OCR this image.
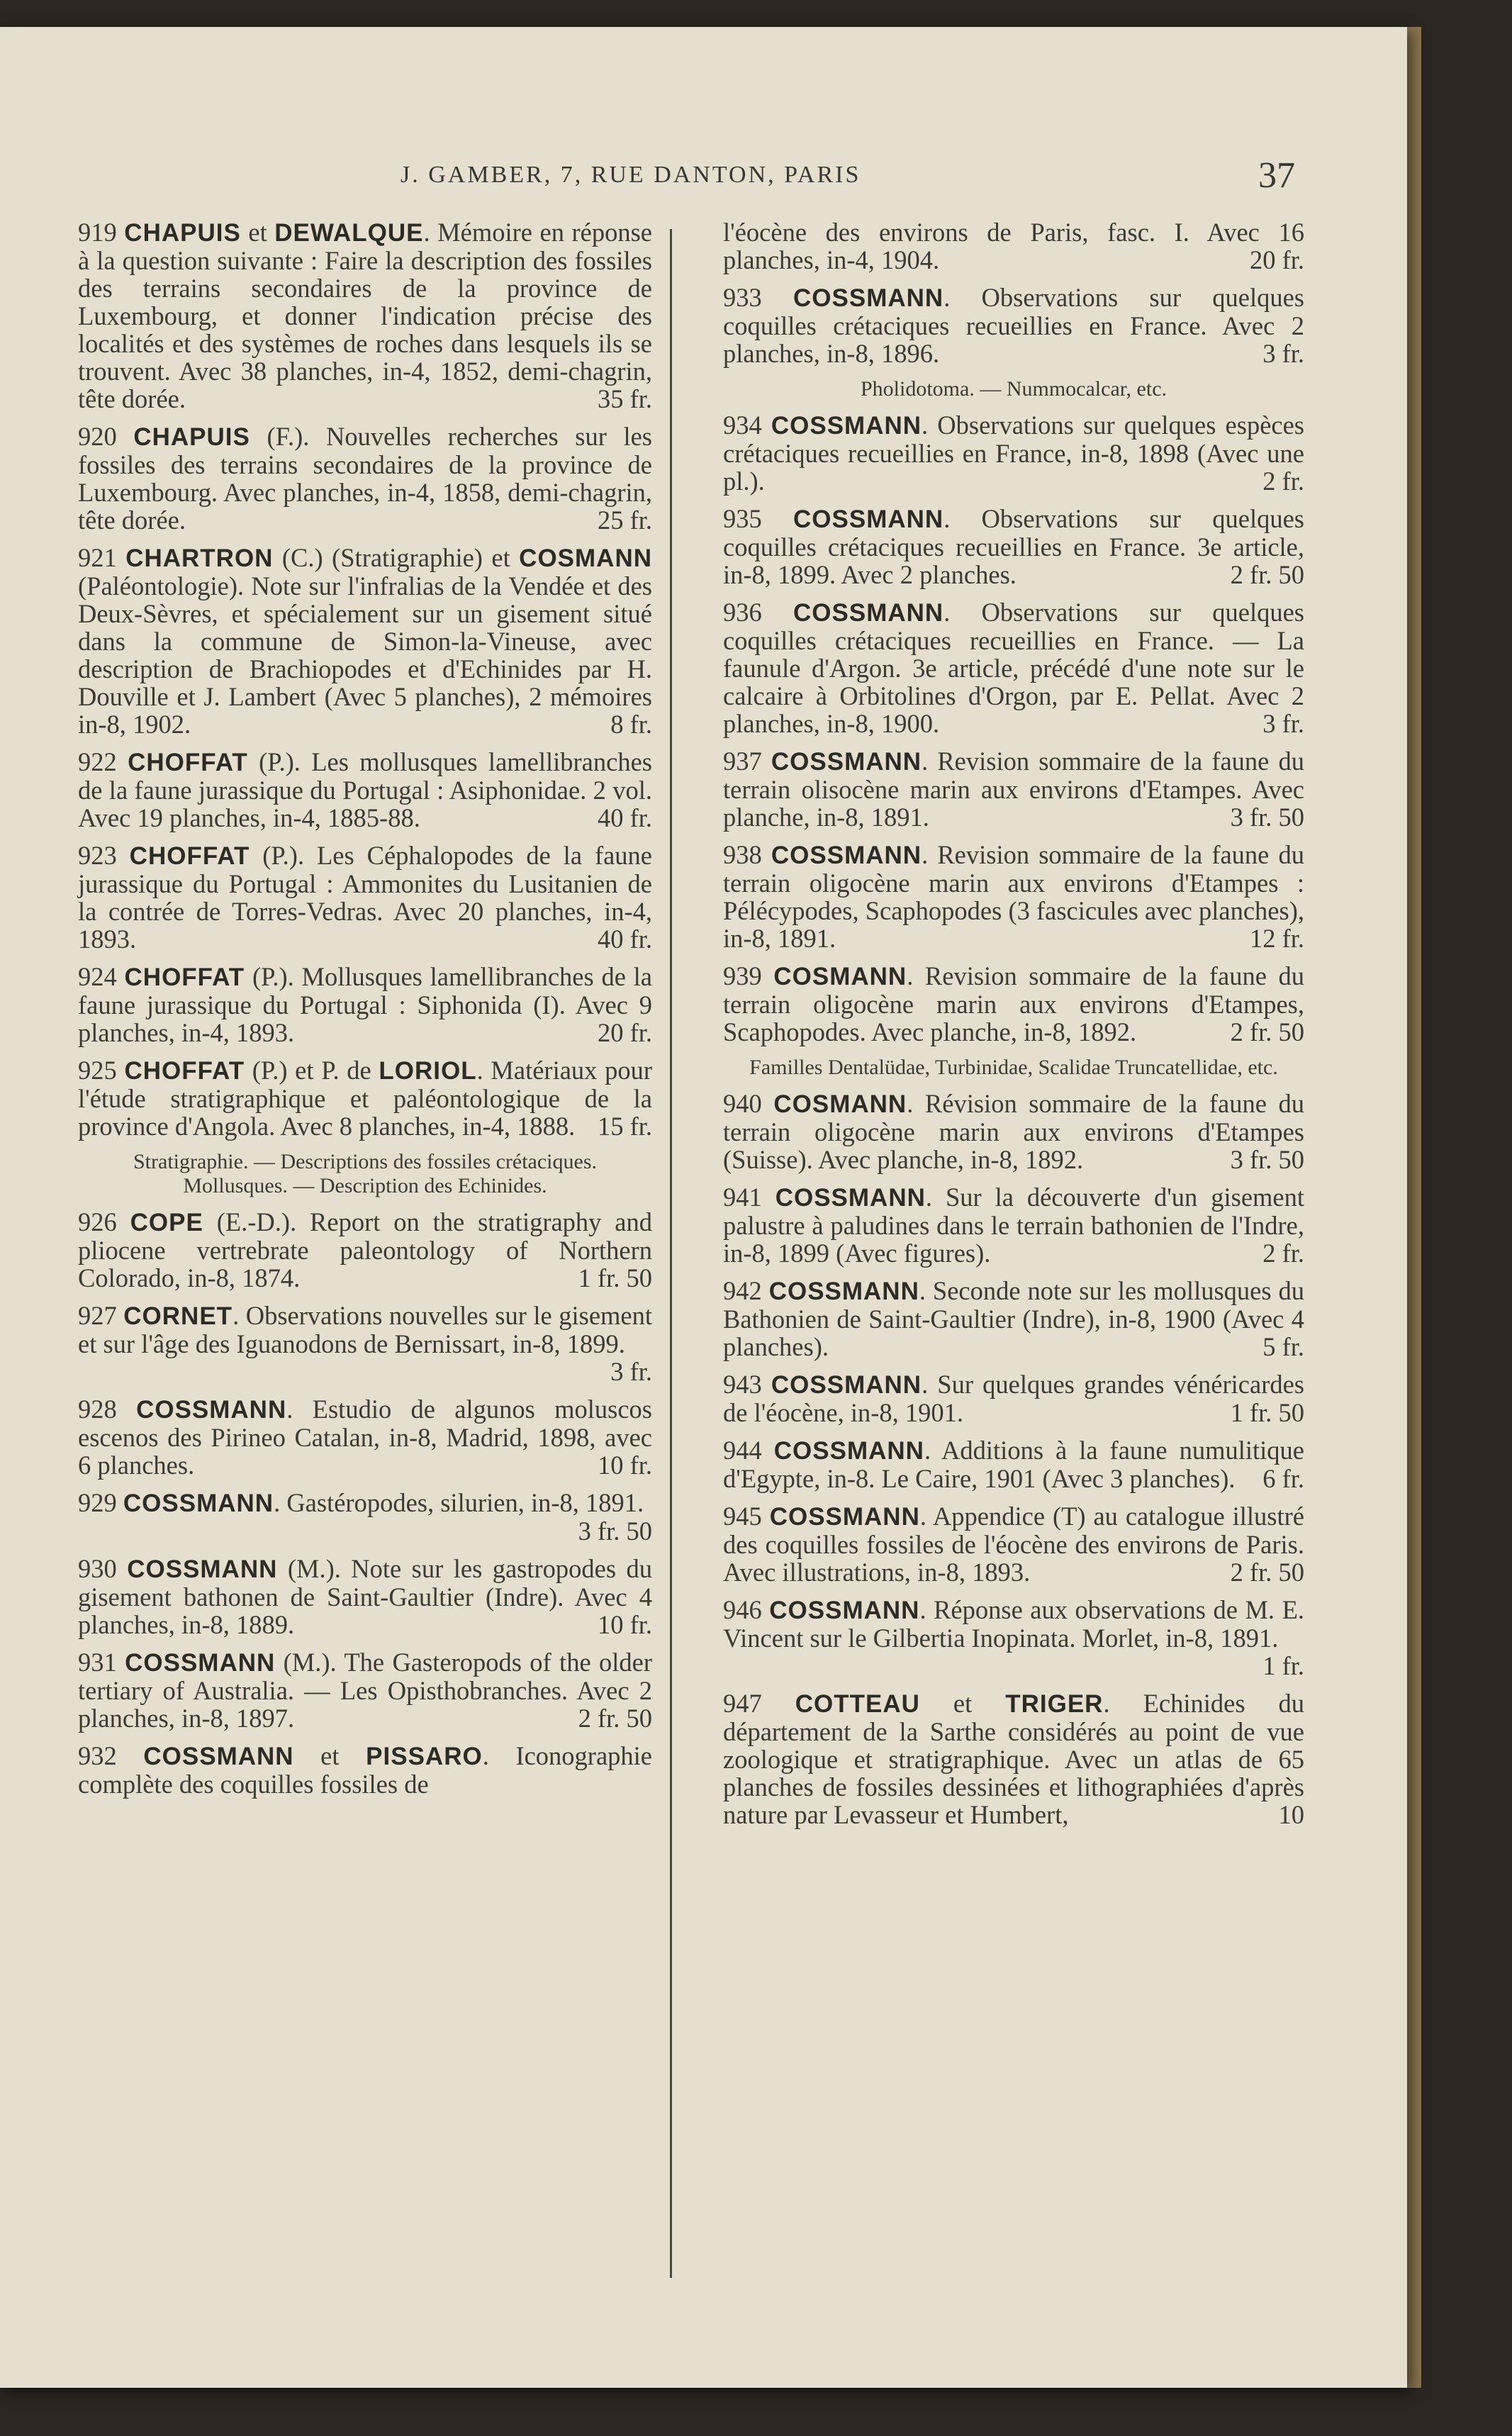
J. GAMBER, 7, RUE DANTON, PARIS	37
919 CHAPUIS et DEWALQUE. Mémoire en réponse à la question suivante : Faire la description des fossiles des terrains secondaires de la province de Luxembourg, et donner l'indication précise des localités et des systèmes de roches dans lesquels ils se trouvent. Avec 38 planches, in-4, 1852, demi-chagrin, tête dorée.	35 fr.
920 CHAPUIS (F.). Nouvelles recherches sur les fossiles des terrains secondaires de la province de Luxembourg. Avec planches, in-4, 1858, demi-chagrin, tête dorée.	25 fr.
921 CHARTRON (C.) (Stratigraphie) et COSMANN (Paléontologie). Note sur l'infralias de la Vendée et des Deux-Sèvres, et spécialement sur un gisement situé dans la commune de Simon-la-Vineuse, avec description de Brachiopodes et d'Echinides par H. Douville et J. Lambert (Avec 5 planches), 2 mémoires in-8, 1902.	8 fr.
922 CHOFFAT (P.). Les mollusques lamellibranches de la faune jurassique du Portugal : Asiphonidae. 2 vol. Avec 19 planches, in-4, 1885-88.	40 fr.
923 CHOFFAT (P.). Les Céphalopodes de la faune jurassique du Portugal : Ammonites du Lusitanien de la contrée de Torres-Vedras. Avec 20 planches, in-4, 1893.	40 fr.
924 CHOFFAT (P.). Mollusques lamellibranches de la faune jurassique du Portugal : Siphonida (I). Avec 9 planches, in-4, 1893.	20 fr.
925 CHOFFAT (P.) et P. de LORIOL. Matériaux pour l'étude stratigraphique et paléontologique de la province d'Angola. Avec 8 planches, in-4, 1888. 15 fr.
Stratigraphie. — Descriptions des fossiles crétaciques. Mollusques. — Description des Echinides.
926 COPE (E.-D.). Report on the stratigraphy and pliocene vertrebrate paleontology of Northern Colorado, in-8, 1874.	1 fr. 50
927 CORNET. Observations nouvelles sur le gisement et sur l'âge des Iguanodons de Bernissart, in-8, 1899.
3 fr.
928 COSSMANN. Estudio de algunos moluscos escenos des Pirineo Catalan, in-8, Madrid, 1898, avec 6 planches.	10 fr.
929 COSSMANN. Gastéropodes, silurien, in-8, 1891.
3 fr. 50
930 COSSMANN (M.). Note sur les gastropodes du gisement bathonen de Saint-Gaultier (Indre). Avec 4 planches, in-8, 1889.	10 fr.
931 COSSMANN (M.). The Gasteropods of the older tertiary of Australia. — Les Opisthobranches. Avec 2 planches, in-8, 1897.	2 fr. 50
932 COSSMANN et PISSARO. Iconographie complète des coquilles fossiles de
l'éocène des environs de Paris, fasc. I. Avec 16 planches, in-4, 1904.	20 fr.
933 COSSMANN. Observations sur quelques coquilles crétaciques recueillies en France. Avec 2 planches, in-8, 1896.	3 fr.
Pholidotoma. — Nummocalcar, etc.
934 COSSMANN. Observations sur quelques espèces crétaciques recueillies en France, in-8, 1898 (Avec une pl.).	2 fr.
935 COSSMANN. Observations sur quelques coquilles crétaciques recueillies en France. 3e article, in-8, 1899. Avec 2 planches.	2 fr. 50
936 COSSMANN. Observations sur quelques coquilles crétaciques recueillies en France. — La faunule d'Argon. 3e article, précédé d'une note sur le calcaire à Orbitolines d'Orgon, par E. Pellat. Avec 2 planches, in-8, 1900.	3 fr.
937 COSSMANN. Revision sommaire de la faune du terrain olisocène marin aux environs d'Etampes. Avec planche, in-8, 1891.	3 fr. 50
938 COSSMANN. Revision sommaire de la faune du terrain oligocène marin aux environs d'Etampes : Pélécypodes, Scaphopodes (3 fascicules avec planches), in-8, 1891.	12 fr.
939 COSMANN. Revision sommaire de la faune du terrain oligocène marin aux environs d'Etampes, Scaphopodes. Avec planche, in-8, 1892.	2 fr. 50
Familles Dentalüdae, Turbinidae, Scalidae Truncatellidae, etc.
940 COSMANN. Révision sommaire de la faune du terrain oligocène marin aux environs d'Etampes (Suisse). Avec planche, in-8, 1892.	3 fr. 50
941 COSSMANN. Sur la découverte d'un gisement palustre à paludines dans le terrain bathonien de l'Indre, in-8, 1899 (Avec figures).	2 fr.
942 COSSMANN. Seconde note sur les mollusques du Bathonien de Saint-Gaultier (Indre), in-8, 1900 (Avec 4 planches).	5 fr.
943 COSSMANN. Sur quelques grandes vénéricardes de l'éocène, in-8, 1901.	1 fr. 50
944 COSSMANN. Additions à la faune numulitique d'Egypte, in-8. Le Caire, 1901 (Avec 3 planches). 6 fr.
945 COSSMANN. Appendice (T) au catalogue illustré des coquilles fossiles de l'éocène des environs de Paris. Avec illustrations, in-8, 1893.	2 fr. 50
946 COSSMANN. Réponse aux observations de M. E. Vincent sur le Gilbertia Inopinata. Morlet, in-8, 1891.
1 fr.
947 COTTEAU et TRIGER. Echinides du département de la Sarthe considérés au point de vue zoologique et stratigraphique. Avec un atlas de 65 planches de fossiles dessinées et lithographiées d'après nature par Levasseur et Humbert,	10
